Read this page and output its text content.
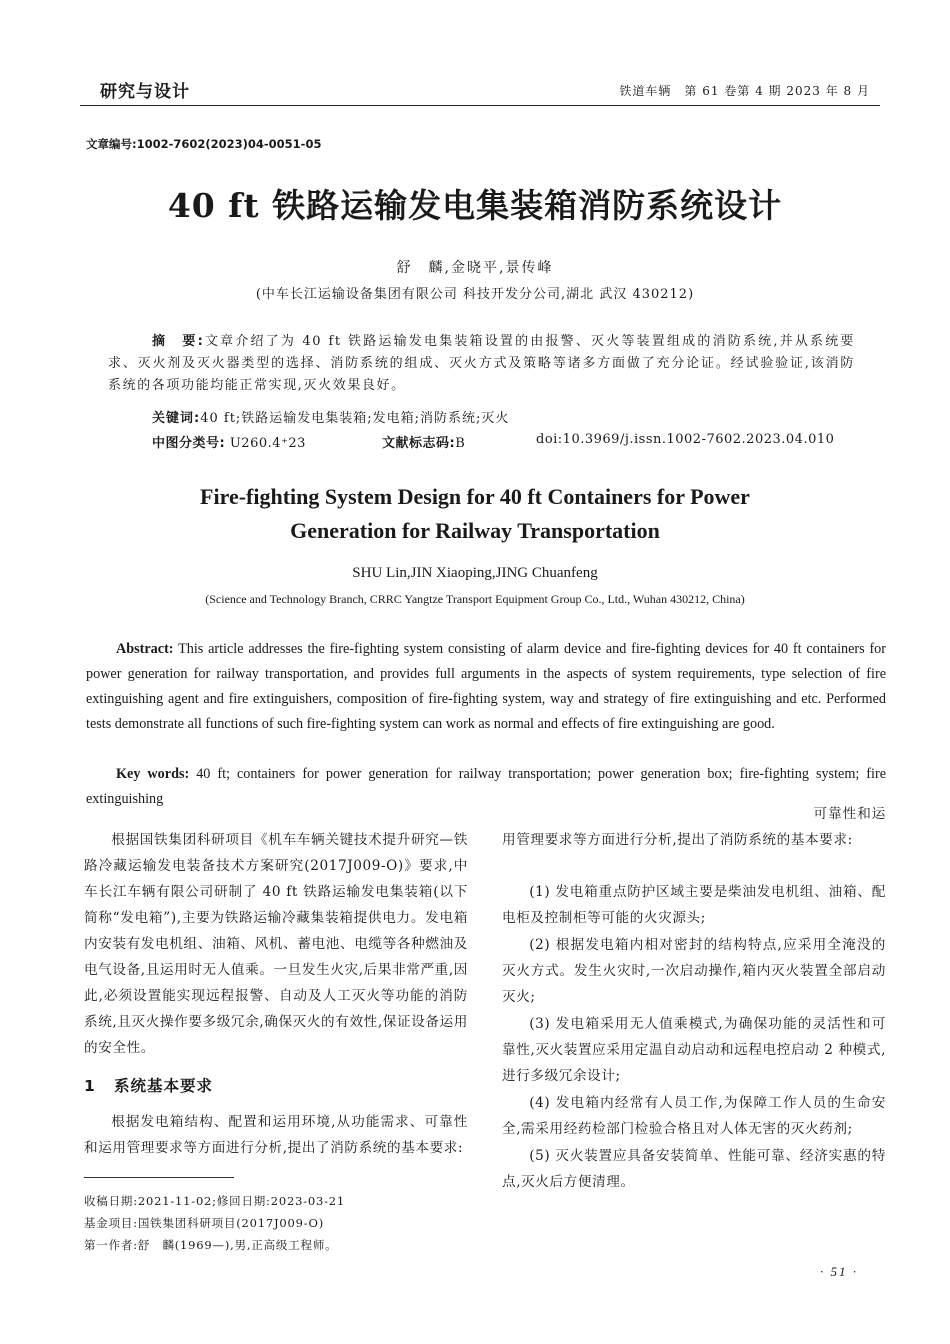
研究与设计	铁道车辆　第 61 卷第 4 期 2023 年 8 月
文章编号:1002-7602(2023)04-0051-05
40 ft 铁路运输发电集装箱消防系统设计
舒　麟,金晓平,景传峰
(中车长江运输设备集团有限公司 科技开发分公司,湖北 武汉 430212)
摘　要:文章介绍了为 40 ft 铁路运输发电集装箱设置的由报警、灭火等装置组成的消防系统,并从系统要求、灭火剂及灭火器类型的选择、消防系统的组成、灭火方式及策略等诸多方面做了充分论证。经试验验证,该消防系统的各项功能均能正常实现,灭火效果良好。
关键词:40 ft;铁路运输发电集装箱;发电箱;消防系统;灭火
中图分类号: U260.4⁺23	文献标志码:B	doi:10.3969/j.issn.1002-7602.2023.04.010
Fire-fighting System Design for 40 ft Containers for Power
Generation for Railway Transportation
SHU Lin,JIN Xiaoping,JING Chuanfeng
(Science and Technology Branch, CRRC Yangtze Transport Equipment Group Co., Ltd., Wuhan 430212, China)
Abstract: This article addresses the fire-fighting system consisting of alarm device and fire-fighting devices for 40 ft containers for power generation for railway transportation, and provides full arguments in the aspects of system requirements, type selection of fire extinguishing agent and fire extinguishers, composition of fire-fighting system, way and strategy of fire extinguishing and etc. Performed tests demonstrate all functions of such fire-fighting system can work as normal and effects of fire extinguishing are good.
Key words: 40 ft; containers for power generation for railway transportation; power generation box; fire-fighting system; fire extinguishing

根据国铁集团科研项目《机车车辆关键技术提升研究—铁路冷藏运输发电装备技术方案研究(2017J009-O)》要求,中车长江车辆有限公司研制了 40 ft 铁路运输发电集装箱(以下简称“发电箱”),主要为铁路运输冷藏集装箱提供电力。发电箱内安装有发电机组、油箱、风机、蓄电池、电缆等各种燃油及电气设备,且运用时无人值乘。一旦发生火灾,后果非常严重,因此,必须设置能实现远程报警、自动及人工灭火等功能的消防系统,且灭火操作要多级冗余,确保灭火的有效性,保证设备运用的安全性。

1 系统基本要求

根据发电箱结构、配置和运用环境,从功能需求、可靠性和运用管理要求等方面进行分析,提出了消防系统的基本要求:

可靠性和运用管理要求等方面进行分析,提出了消防系统的基本要求:

(1) 发电箱重点防护区域主要是柴油发电机组、油箱、配电柜及控制柜等可能的火灾源头;

(2) 根据发电箱内相对密封的结构特点,应采用全淹没的灭火方式。发生火灾时,一次启动操作,箱内灭火装置全部启动灭火;

(3) 发电箱采用无人值乘模式,为确保功能的灵活性和可靠性,灭火装置应采用定温自动启动和远程电控启动 2 种模式,进行多级冗余设计;

(4) 发电箱内经常有人员工作,为保障工作人员的生命安全,需采用经药检部门检验合格且对人体无害的灭火药剂;

(5) 灭火装置应具备安装简单、性能可靠、经济实惠的特点,灭火后方便清理。

收稿日期:2021-11-02;修回日期:2023-03-21
基金项目:国铁集团科研项目(2017J009-O)
第一作者:舒　麟(1969—),男,正高级工程师。
· 51 ·
